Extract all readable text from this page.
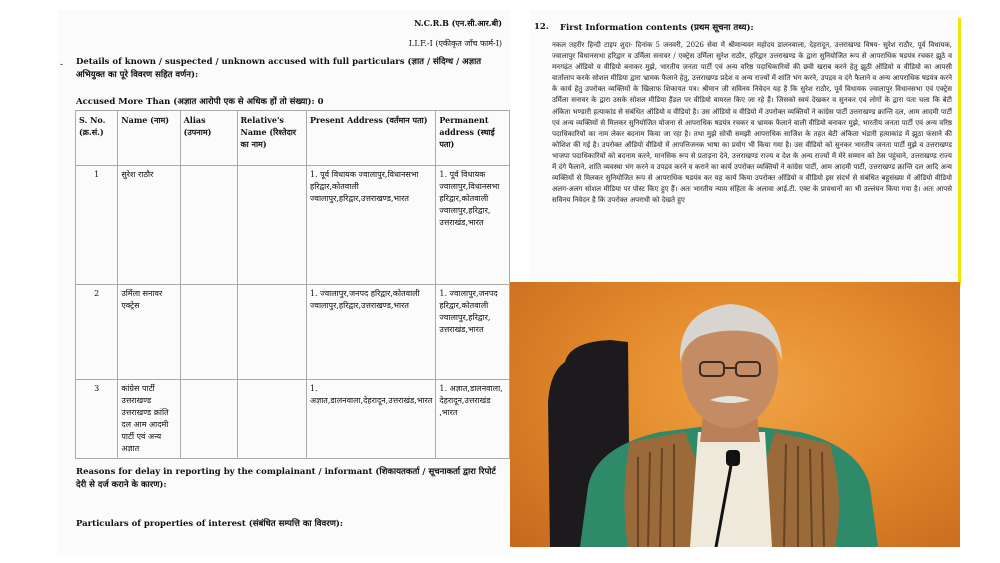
N.C.R.B (एन.सी.आर.बी)
I.I.F.-I (एकीकृत जाँच फार्म-I)
- Details of known / suspected / unknown accused with full particulars (ज्ञात / संदिग्ध / अज्ञात अभियुक्त का पूरे विवरण सहित वर्णन):
Accused More Than (अज्ञात आरोपी एक से अधिक हों तो संख्या): 0
S. No. (क्र.सं.)	Name (नाम)	Alias (उपनाम)	Relative's Name (रिश्तेदार का नाम)	Present Address (वर्तमान पता)	Permanent address (स्थाई पता)
1	सुरेश राठौर			1. पूर्व विधायक ज्वालापुर,विधानसभा हरिद्वार,कोतवाली ज्वालापुर,हरिद्वार,उत्तराखण्ड,भारत	1. पूर्व विधायक ज्वालापुर,विधानसभा हरिद्वार,कोतवाली ज्वालापुर,हरिद्वार, उत्तराखंड,भारत
2	उर्मिला सनावर एक्ट्रेस			1. ज्वालापुर,जनपद हरिद्वार,कोतवाली ज्वालापुर,हरिद्वार,उत्तराखण्ड,भारत	1. ज्वालापुर,जनपद हरिद्वार,कोतवाली ज्वालापुर,हरिद्वार, उत्तराखंड,भारत
3	कांग्रेस पार्टी उत्तराखण्ड उत्तराखण्ड क्रांति दल आम आदमी पार्टी एवं अन्य अज्ञात			1. अज्ञात,डालनवाला,देहरादून,उत्तराखंड,भारत	1. अज्ञात,डालनवाला, देहरादून,उत्तराखंड ,भारत
Reasons for delay in reporting by the complainant / informant (शिकायतकर्ता / सूचनाकर्ता द्वारा रिपोर्ट देरी से दर्ज कराने के कारण):
Particulars of properties of interest (संबंधित सम्पत्ति का विवरण):
12. First Information contents (प्रथम सूचना तथ्य):
नकल तहरीर हिन्दी टाइप शुदा- दिनांक 5 जनवरी, 2026 सेवा में श्रीमान्यवर महोदय डालनवाला, देहरादून, उत्तराखण्ड विषय- सुरेश राठौर, पूर्व विधायक, ज्वालापुर विधानसभा हरिद्वार व उर्मिला सनावर / एक्ट्रेस उर्मिला सुरेश राठौर, हरिद्वार उत्तराखण्ड के द्वारा सुनियोजित रूप से आपराधिक षडयंत्र रचकर झूठे व मनगढ़ंत ऑडियो व वीडियो बनाकर मुझे, भारतीय जनता पार्टी एवं अन्य वरिष्ठ पदाधिकारियों की छवी खराब करने हेतु झूठी ऑडियो व वीडियो का आपसी वार्तालाप करके सोशल मीडिया द्वारा भ्रामक फैलाने हेतु, उत्तराखण्ड प्रदेश व अन्य राज्यों में शांति भंग करने, उपद्रव व दंगे फैलाने व अन्य आपराधिक षडयंत्र करने के कार्य हेतु उपरोक्त व्यक्तियों के खिलाफ शिकायत पत्र। श्रीमान जी सविनय निवेदन यह है कि सुरेश राठौर, पूर्व विधायक ज्वालापुर विधानसभा एवं एक्ट्रेस उर्मिला सनावर के द्वारा उसके सोशल मीडिया हैंडल पर वीडियो वायरल किए जा रहे हैं। जिसको स्वयं देखकर व सुनकर एवं लोगों के द्वारा पता चला कि बेटी अंकिता भण्डारी हत्याकांड से संबंधित ऑडियो व वीडियो है। उस ऑडियो व वीडियो में उपरोक्त व्यक्तियों ने कांग्रेस पार्टी उत्तराखण्ड क्रान्ति दल, आम आदमी पार्टी एवं अन्य व्यक्तियों से मिलकर सुनियोजित योजना से आपराधिक षडयंत्र रचकर व भ्रामक फैलाने वाली वीडियो बनाकर मुझे, भारतीय जनता पार्टी एवं अन्य वरिष्ठ पदाधिकारियों का नाम लेकर बदनाम किया जा रहा है। तथा मुझे सोची समझी आपराधिक साजिश के तहत बेटी अंकिता भंडारी हत्याकांड में झूठा फंसाने की कोशिश की गई है। उपरोक्त ऑडियो वीडियो में आपत्तिजनक भाषा का प्रयोग भी किया गया है। उस वीडियो को सुनकर भारतीय जनता पार्टी मुझे व उत्तराखण्ड भाजपा पदाधिकारियों को बदनाम करने, मानसिक रूप से प्रताड़ना देने, उत्तराखण्ड राज्य व देश के अन्य राज्यों में मेरे सम्मान को ठेस पहुंचाने, उत्तराखण्ड राज्य में दंगे फैलाने, शांति व्यवस्था भंग करने व उपद्रव करने व कराने का कार्य उपरोक्त व्यक्तियों ने कांग्रेस पार्टी, आम आदमी पार्टी, उत्तराखण्ड क्रान्ति दल आदि अन्य व्यक्तियों से मिलकर सुनियोजित रूप से आपराधिक षडयंत्र कर यह कार्य किया उपरोक्त ऑडियो व वीडियो इस संदर्भ से संबंधित बहुसंख्या में ऑडियो वीडियो अलग-अलग सोशल मीडिया पर पोस्ट किए हुए हैं। अतः भारतीय न्याय संहिता के अलावा आई.टी. एक्ट के प्रावधानों का भी उल्लंघन किया गया है। अतः आपसे सविनय निवेदन है कि उपरोक्त अपराधी को देखते हुए
